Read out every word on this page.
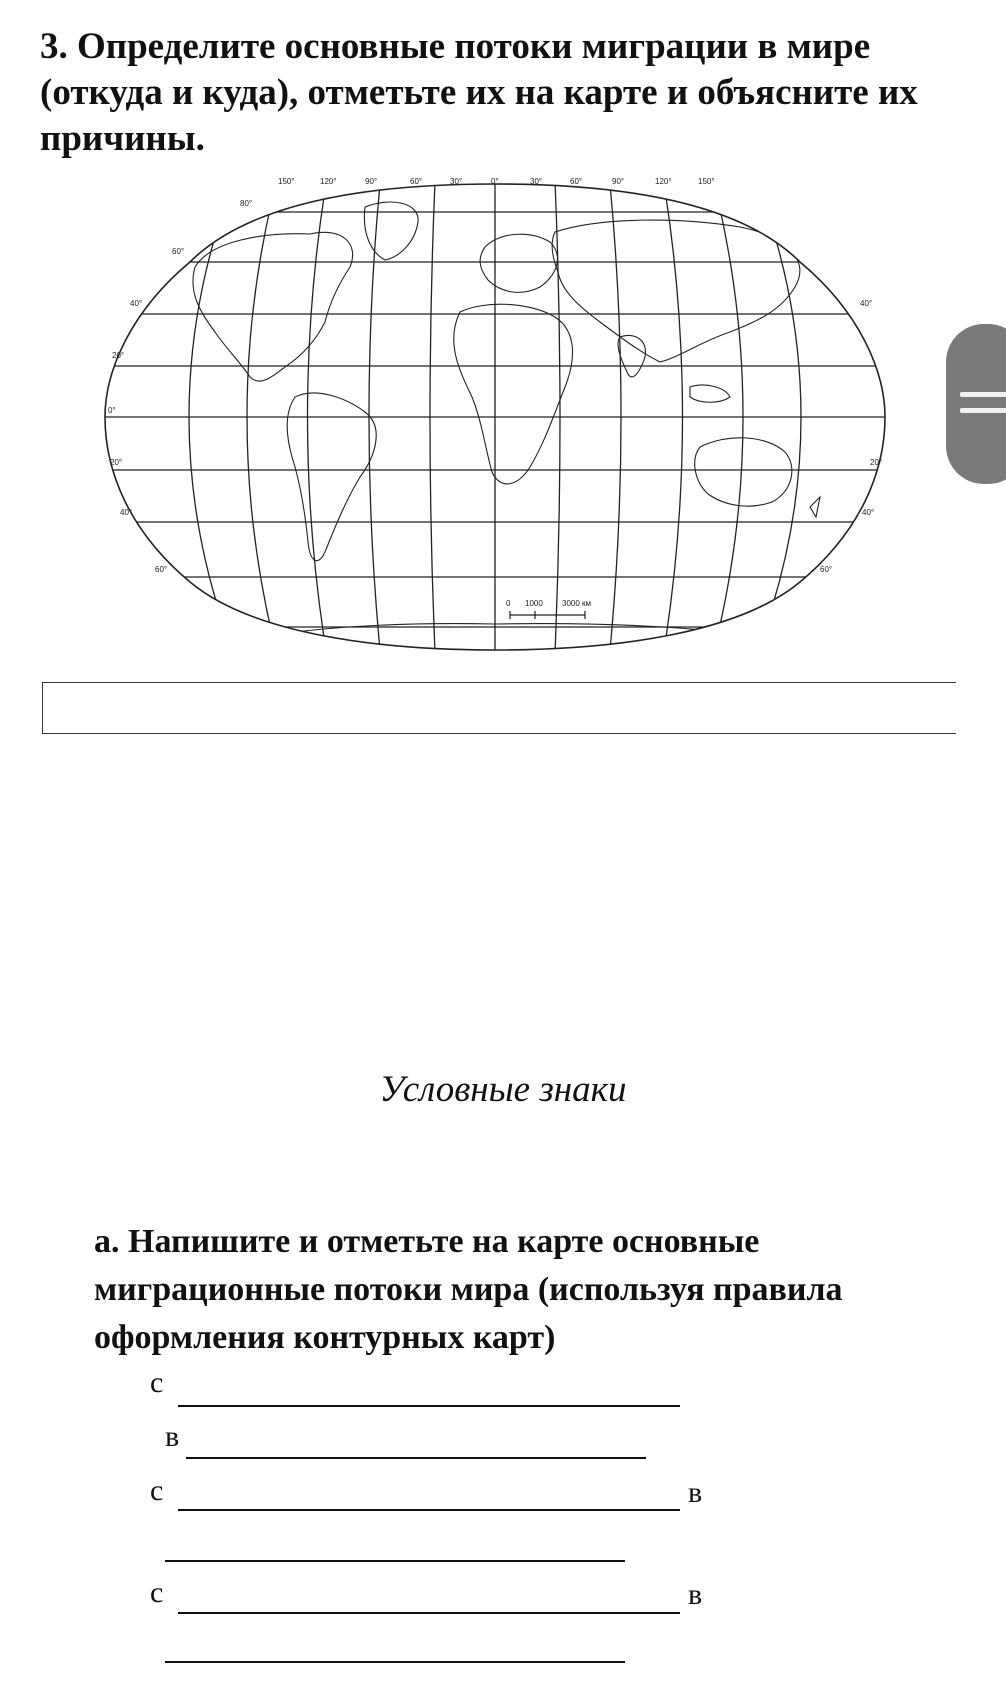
3. Определите основные потоки миграции в мире (откуда и куда), отметьте их на карте и объясните их причины.
0 1000 3000 км
150°	120°	90°	60°	30°	0°	30°	60°	90°	120°	150°
80°
60°
40°
20°
0°
20°
40°
60°
40°
20°
40°
60°
Условные знаки

а. Напишите и отметьте на карте основные миграционные потоки мира (используя правила оформления контурных карт)

с
в
с	в
с	в
